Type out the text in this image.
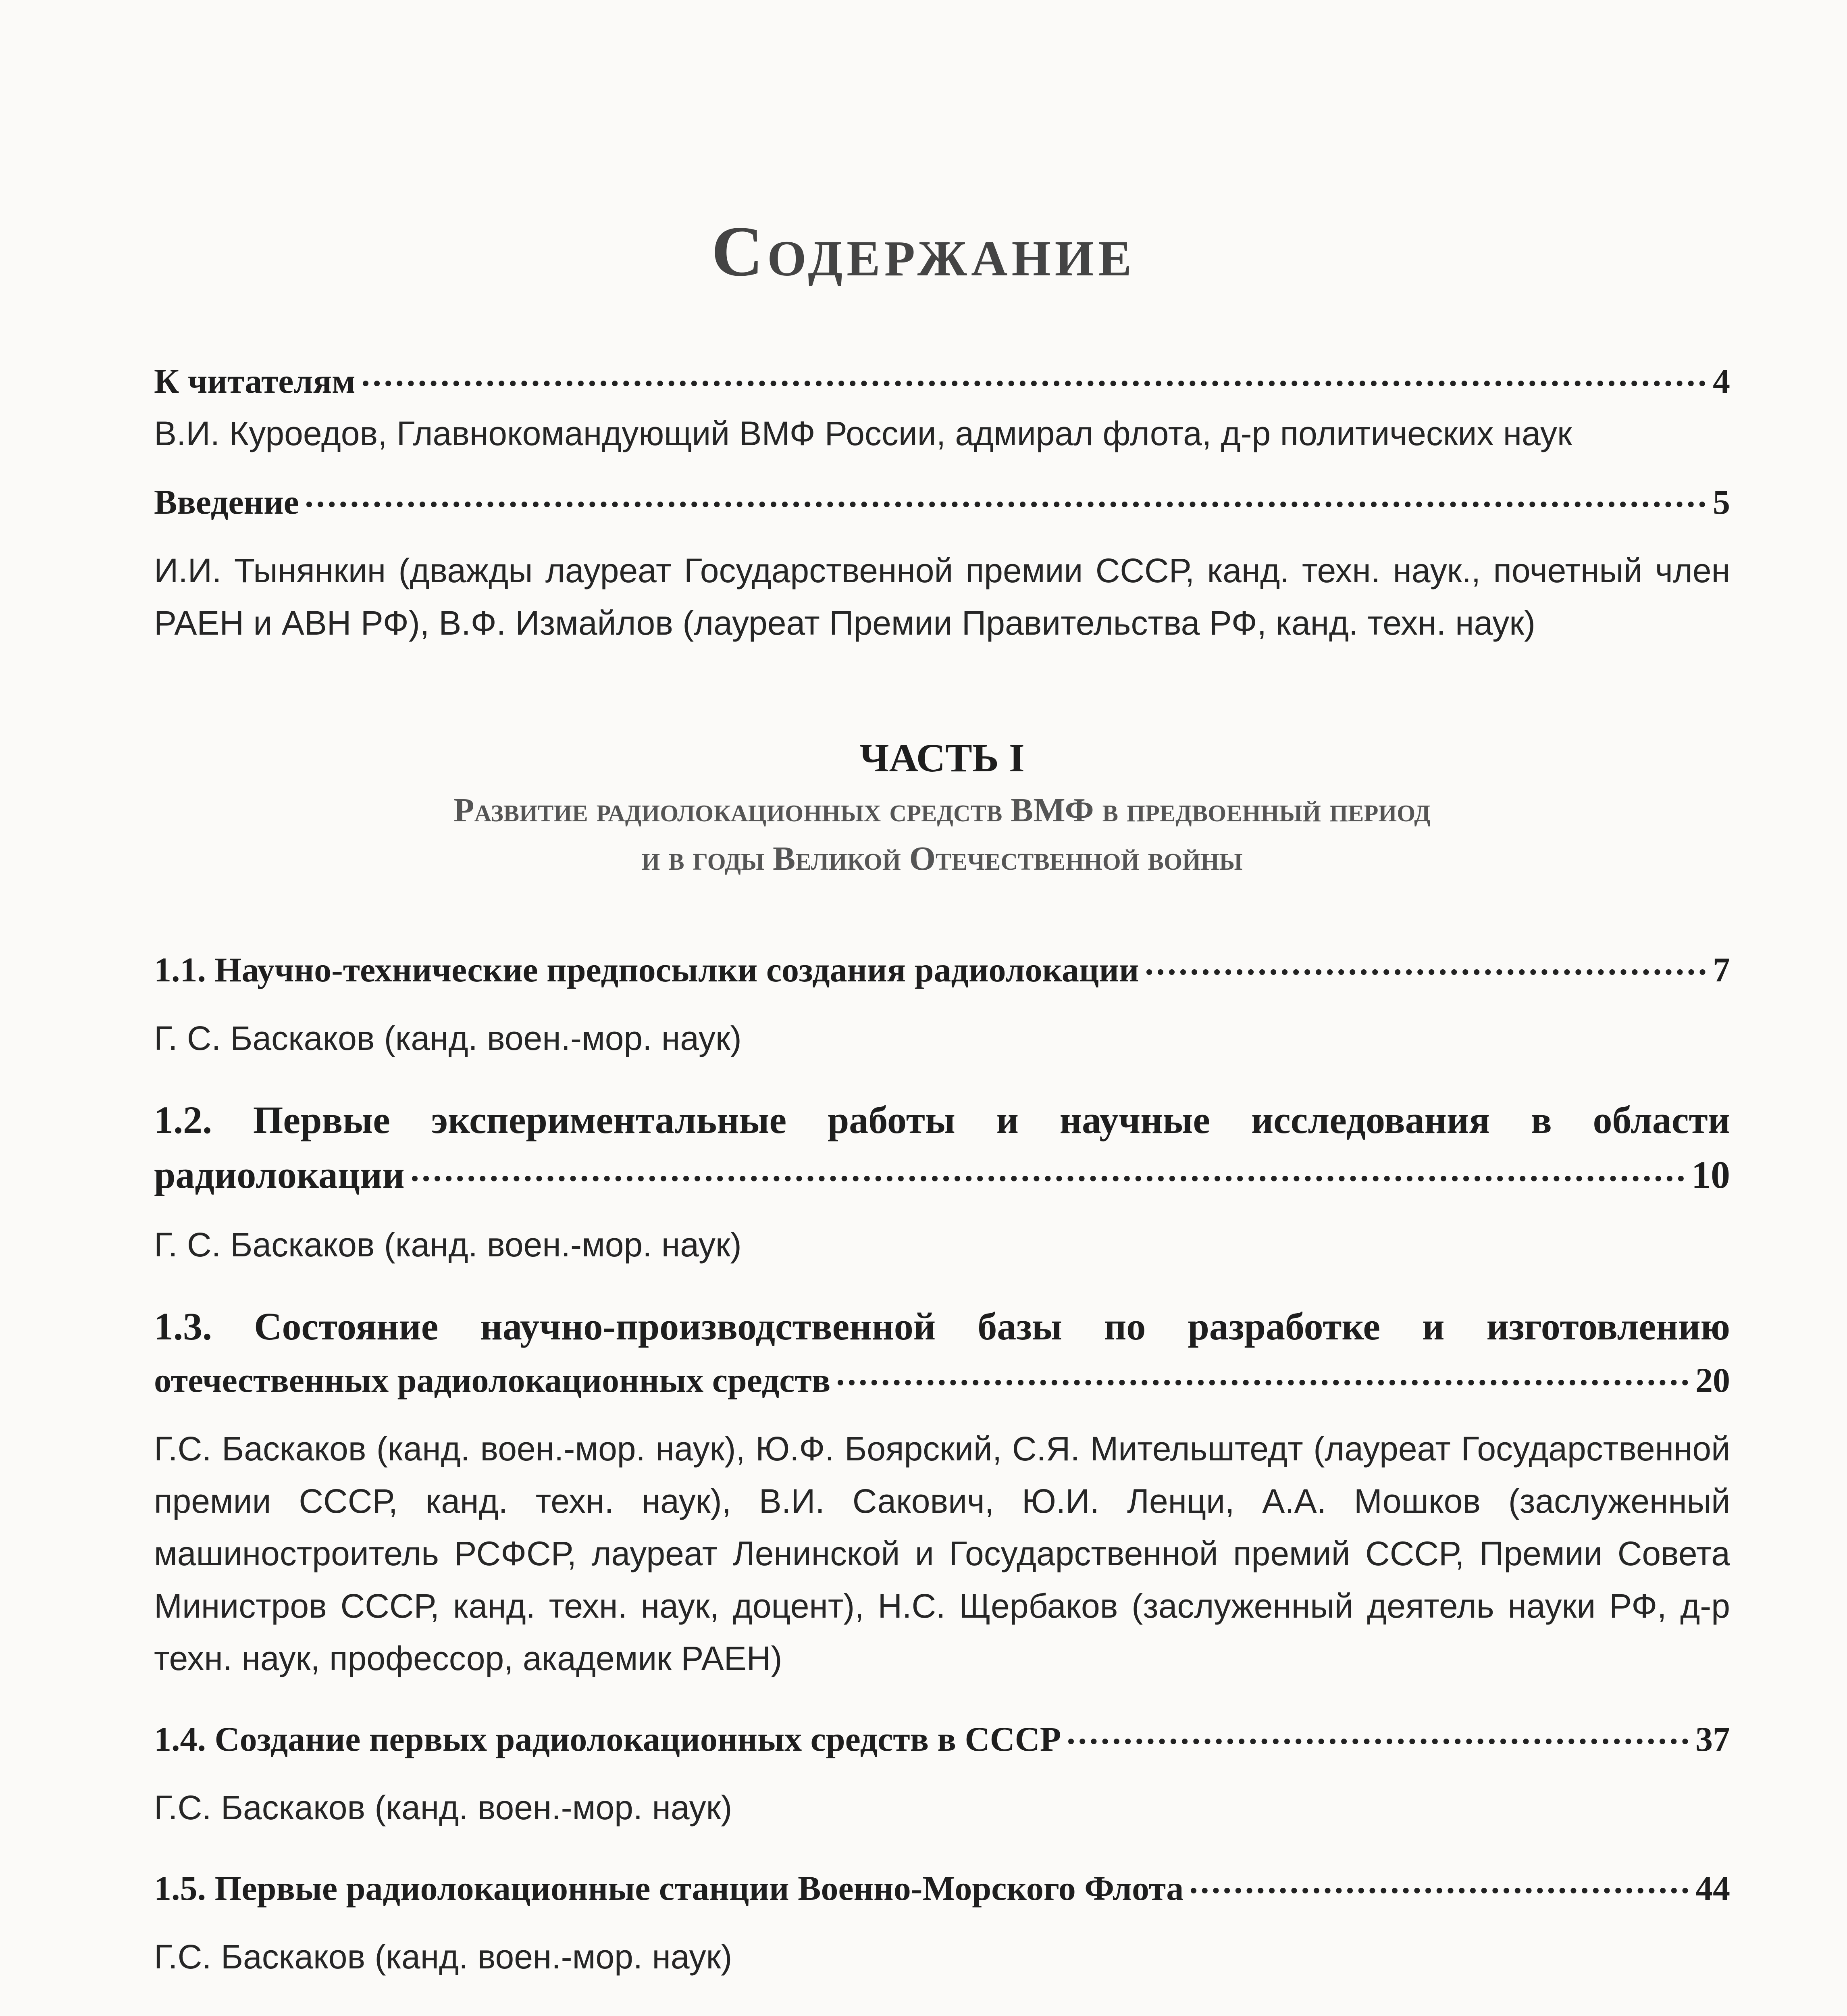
Содержание
К читателям	4
В.И. Куроедов, Главнокомандующий ВМФ России, адмирал флота, д-р политических наук
Введение	5
И.И. Тынянкин (дважды лауреат Государственной премии СССР, канд. техн. наук., почетный член РАЕН и АВН РФ), В.Ф. Измайлов (лауреат Премии Правительства РФ, канд. техн. наук)
ЧАСТЬ I
Развитие радиолокационных средств ВМФ в предвоенный период
и в годы Великой Отечественной войны
1.1. Научно-технические предпосылки создания радиолокации	7
Г. С. Баскаков (канд. воен.-мор. наук)
1.2. Первые экспериментальные работы и научные исследования в области
радиолокации	10
Г. С. Баскаков (канд. воен.-мор. наук)
1.3. Состояние научно-производственной базы по разработке и изготовлению
отечественных радиолокационных средств	20
Г.С. Баскаков (канд. воен.-мор. наук), Ю.Ф. Боярский, С.Я. Мительштедт (лауреат Государственной премии СССР, канд. техн. наук), В.И. Сакович, Ю.И. Ленци, А.А. Мошков (заслуженный машиностроитель РСФСР, лауреат Ленинской и Государственной премий СССР, Премии Совета Министров СССР, канд. техн. наук, доцент), Н.С. Щербаков (заслуженный деятель науки РФ, д-р техн. наук, профессор, академик РАЕН)
1.4. Создание первых радиолокационных средств в СССР	37
Г.С. Баскаков (канд. воен.-мор. наук)
1.5. Первые радиолокационные станции Военно-Морского Флота	44
Г.С. Баскаков (канд. воен.-мор. наук)
